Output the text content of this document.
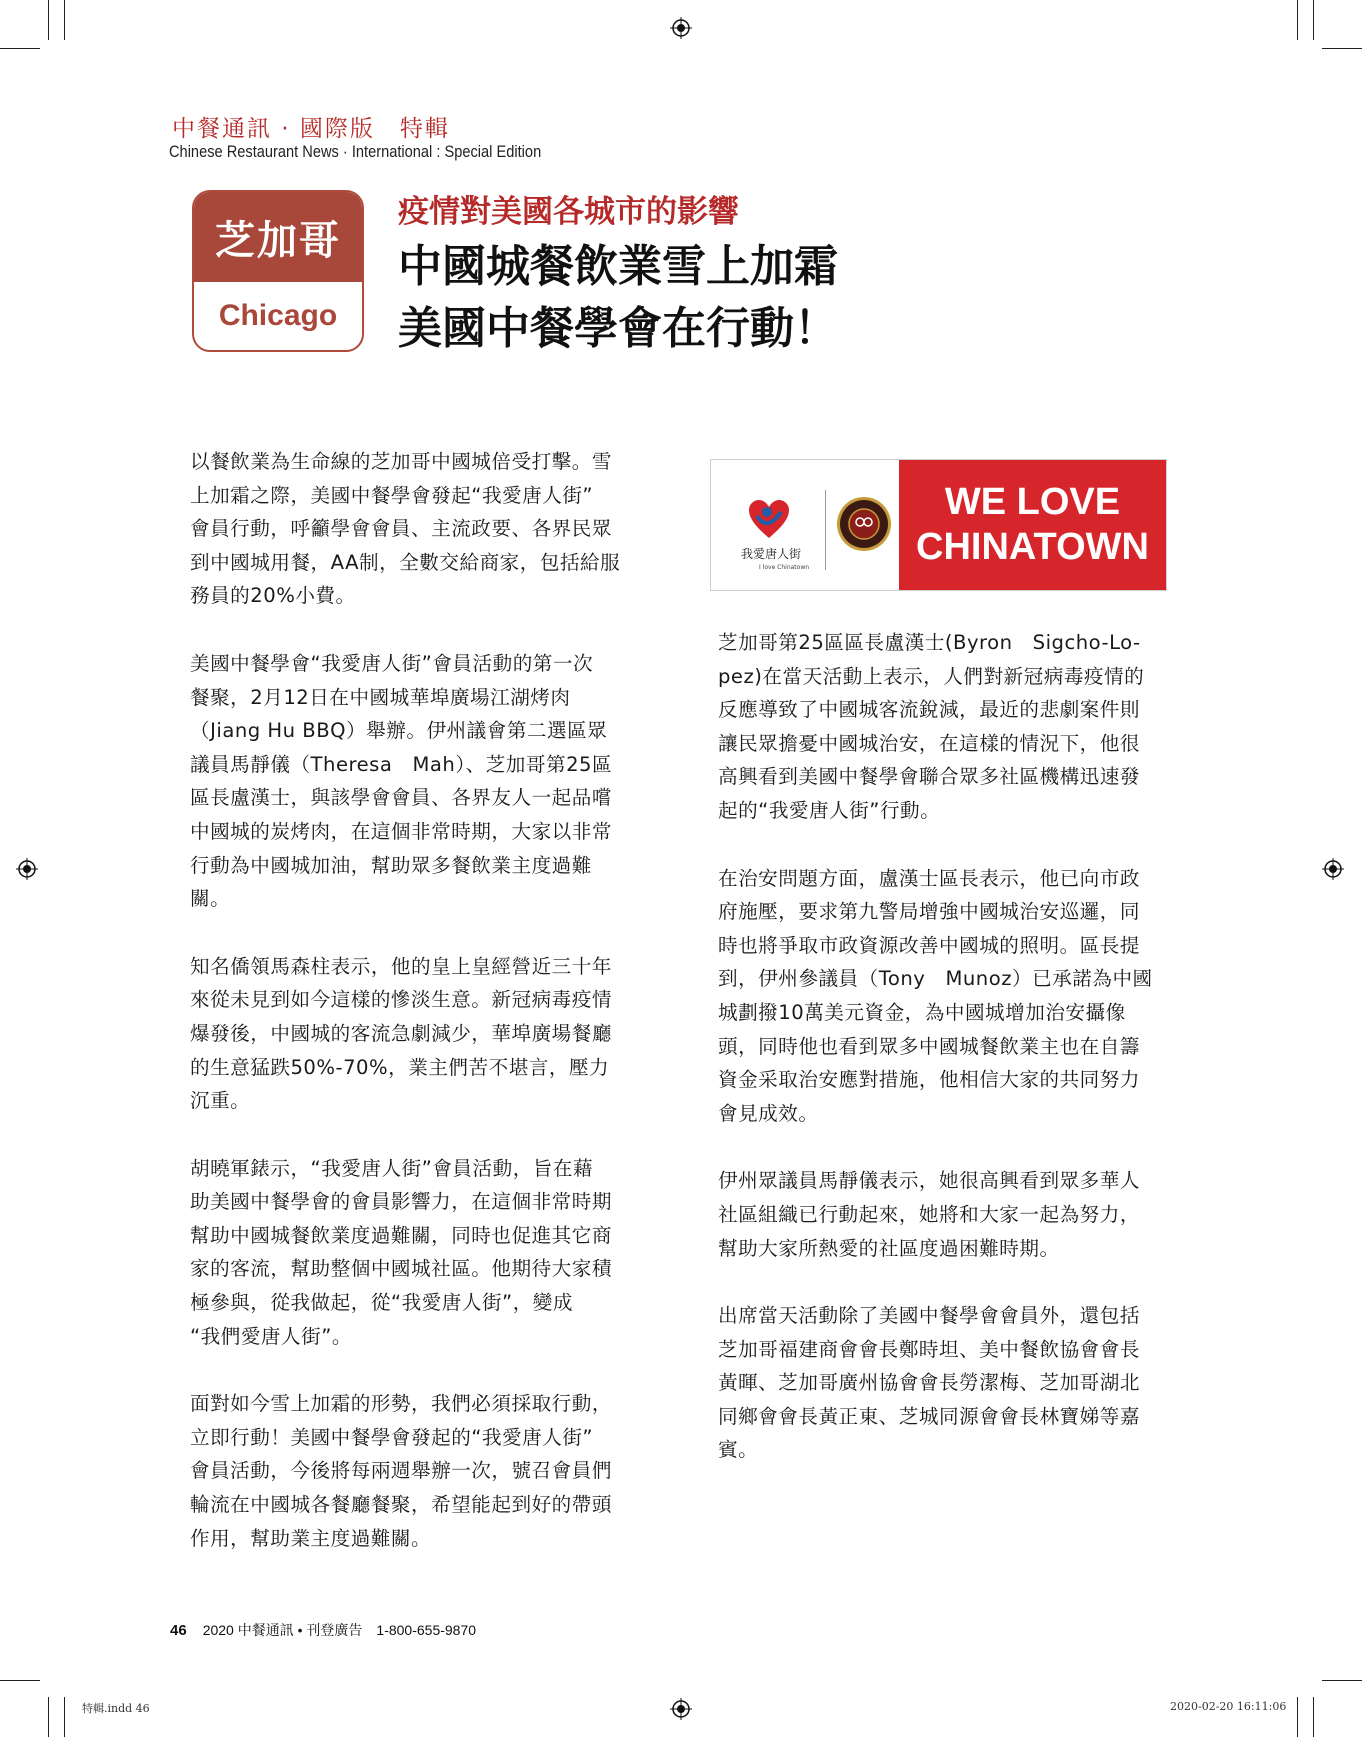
中餐通訊 · 國際版　特輯
Chinese Restaurant News · International : Special Edition
芝加哥
Chicago
疫情對美國各城市的影響
中國城餐飲業雪上加霜
美國中餐學會在行動！

以餐飲業為生命線的芝加哥中國城倍受打擊。雪
上加霜之際，美國中餐學會發起“我愛唐人街”
會員行動，呼籲學會會員、主流政要、各界民眾
到中國城用餐，AA制，全數交給商家，包括給服
務員的20%小費。

美國中餐學會“我愛唐人街”會員活動的第一次
餐聚，2月12日在中國城華埠廣場江湖烤肉
（Jiang Hu BBQ）舉辦。伊州議會第二選區眾
議員馬靜儀（Theresa　Mah）、芝加哥第25區
區長盧漢士，與該學會會員、各界友人一起品嚐
中國城的炭烤肉，在這個非常時期，大家以非常
行動為中國城加油，幫助眾多餐飲業主度過難
關。

知名僑領馬森柱表示，他的皇上皇經營近三十年
來從未見到如今這樣的慘淡生意。新冠病毒疫情
爆發後，中國城的客流急劇減少，華埠廣場餐廳
的生意猛跌50%-70%，業主們苦不堪言，壓力
沉重。

胡曉軍錶示，“我愛唐人街”會員活動，旨在藉
助美國中餐學會的會員影響力，在這個非常時期
幫助中國城餐飲業度過難關，同時也促進其它商
家的客流，幫助整個中國城社區。他期待大家積
極參與，從我做起，從“我愛唐人街”，變成
“我們愛唐人街”。

面對如今雪上加霜的形勢，我們必須採取行動，
立即行動！美國中餐學會發起的“我愛唐人街”
會員活動，今後將每兩週舉辦一次，號召會員們
輪流在中國城各餐廳餐聚，希望能起到好的帶頭
作用，幫助業主度過難關。

我愛唐人街
I love Chinatown
WE LOVE
CHINATOWN

芝加哥第25區區長盧漢士(Byron　Sigcho-Lo-
pez)在當天活動上表示，人們對新冠病毒疫情的
反應導致了中國城客流銳減，最近的悲劇案件則
讓民眾擔憂中國城治安，在這樣的情況下，他很
高興看到美國中餐學會聯合眾多社區機構迅速發
起的“我愛唐人街”行動。

在治安問題方面，盧漢士區長表示，他已向市政
府施壓，要求第九警局增強中國城治安巡邏，同
時也將爭取市政資源改善中國城的照明。區長提
到，伊州參議員（Tony　Munoz）已承諾為中國
城劃撥10萬美元資金，為中國城增加治安攝像
頭，同時他也看到眾多中國城餐飲業主也在自籌
資金采取治安應對措施，他相信大家的共同努力
會見成效。

伊州眾議員馬靜儀表示，她很高興看到眾多華人
社區組織已行動起來，她將和大家一起為努力，
幫助大家所熱愛的社區度過困難時期。

出席當天活動除了美國中餐學會會員外，還包括
芝加哥福建商會會長鄭時坦、美中餐飲協會會長
黃暉、芝加哥廣州協會會長勞潔梅、芝加哥湖北
同鄉會會長黃正東、芝城同源會會長林寶娣等嘉
賓。

46 2020 中餐通訊 • 刊登廣告　1-800-655-9870
特輯.indd 46	2020-02-20 16:11:06
